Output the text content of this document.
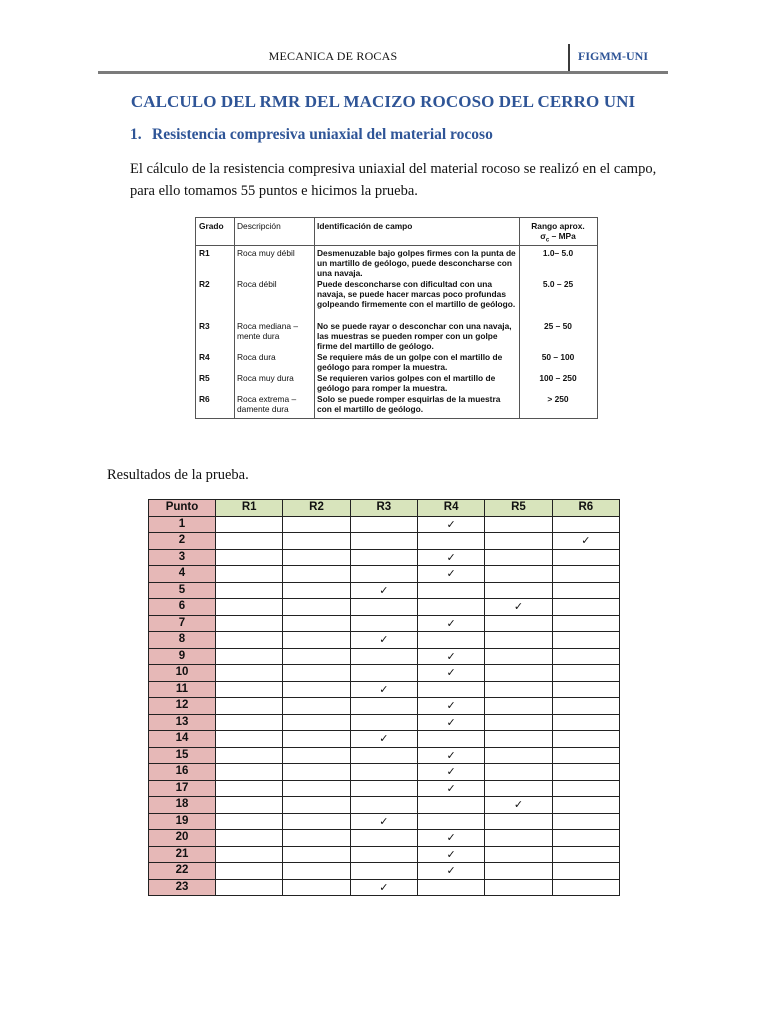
MECANICA DE ROCAS	FIGMM-UNI
CALCULO DEL RMR DEL MACIZO ROCOSO DEL CERRO UNI
1. Resistencia compresiva uniaxial del material rocoso
El cálculo de la resistencia compresiva uniaxial del material rocoso se realizó en el campo, para ello tomamos 55 puntos e hicimos la prueba.
Grado	Descripción	Identificación de campo	Rango aprox.
$\sigma_c$ – MPa
R1	Roca muy débil	Desmenuzable bajo golpes firmes con la punta de un martillo de geólogo, puede desconcharse con una navaja.
1.0– 5.0
R2	Roca débil	Puede desconcharse con dificultad con una navaja, se puede hacer marcas poco profundas golpeando firmemente con el martillo de geólogo.
5.0 – 25
R3	Roca mediana – mente dura
No se puede rayar o desconchar con una navaja, las muestras se pueden romper con un golpe firme del martillo de geólogo.
25 – 50
R4	Roca dura	Se requiere más de un golpe con el martillo de geólogo para romper la muestra.
50 – 100
R5	Roca muy dura	Se requieren varios golpes con el martillo de geólogo para romper la muestra.
100 – 250
R6	Roca extrema – damente dura
Solo se puede romper esquirlas de la muestra con el martillo de geólogo.
> 250
Resultados de la prueba.
Punto	R1	R2	R3	R4	R5	R6
1				✓		
2						✓
3				✓		
4				✓		
5			✓			
6					✓	
7				✓		
8			✓			
9				✓		
10				✓		
11			✓			
12				✓		
13				✓		
14			✓			
15				✓		
16				✓		
17				✓		
18					✓	
19			✓			
20				✓		
21				✓		
22				✓		
23			✓			
